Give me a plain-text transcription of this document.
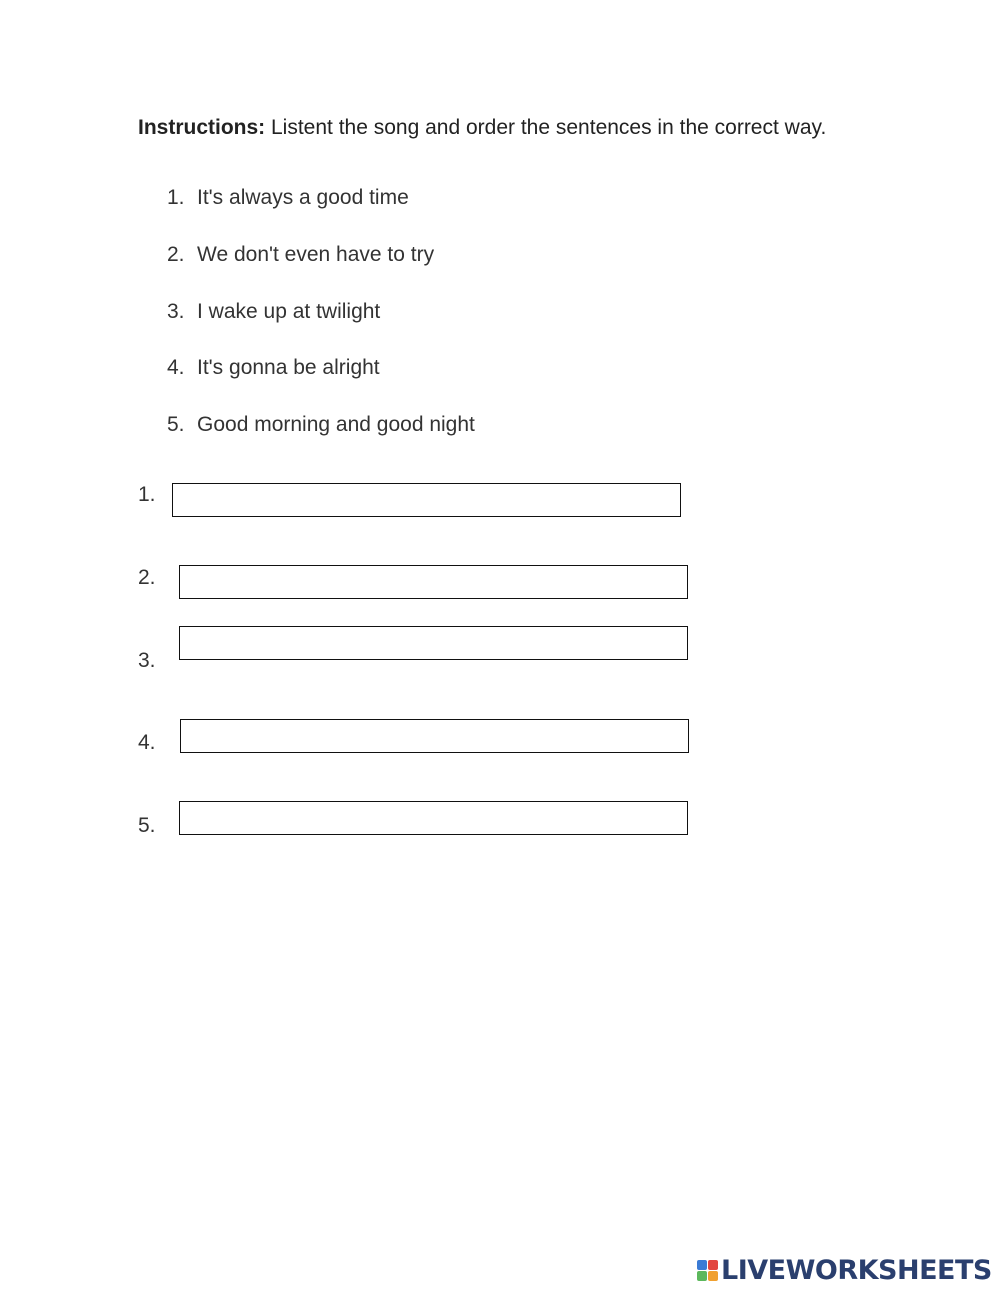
Instructions: Listent the song and order the sentences in the correct way.

1. It's always a good time
2. We don't even have to try
3. I wake up at twilight
4. It's gonna be alright
5. Good morning and good night
1.
2.
3.
4.
5.
LIVEWORKSHEETS
